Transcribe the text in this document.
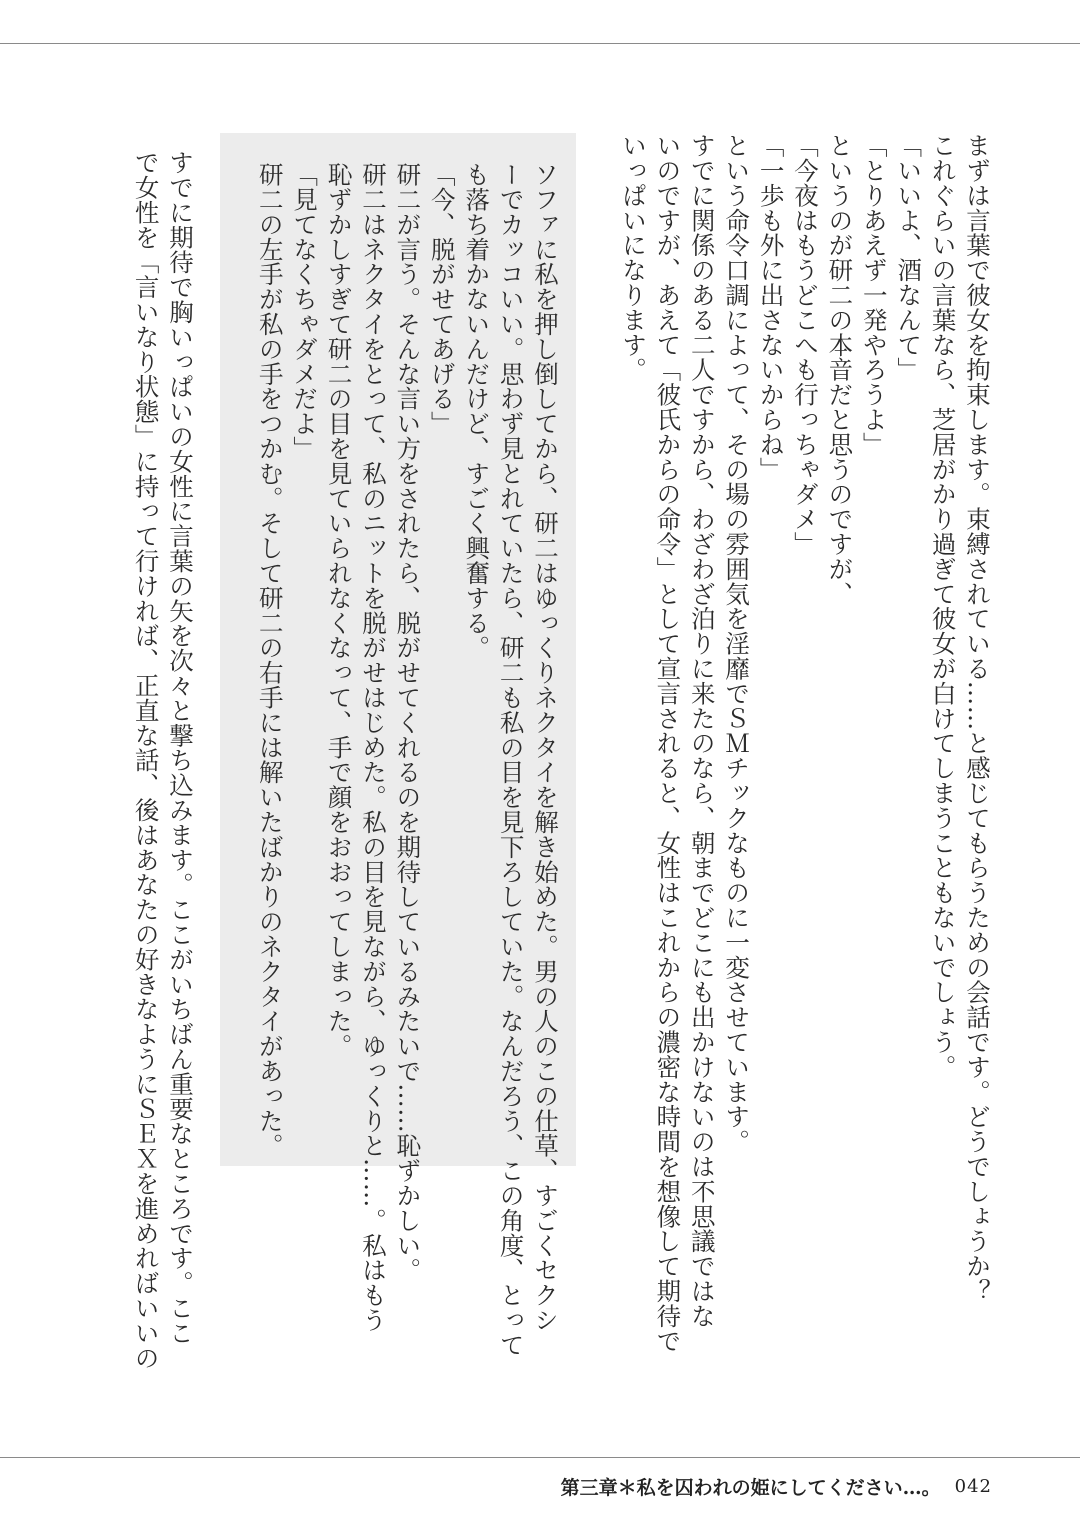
まずは言葉で彼女を拘束します。束縛されている……と感じてもらうための会話です。どうでしょうか？
これぐらいの言葉なら、芝居がかり過ぎて彼女が白けてしまうこともないでしょう。
「いいよ、酒なんて」
「とりあえず一発やろうよ」
というのが研二の本音だと思うのですが、
「今夜はもうどこへも行っちゃダメ」
「一歩も外に出さないからね」
という命令口調によって、その場の雰囲気を淫靡でＳＭチックなものに一変させています。
すでに関係のある二人ですから、わざわざ泊りに来たのなら、朝までどこにも出かけないのは不思議ではな
いのですが、あえて「彼氏からの命令」として宣言されると、女性はこれからの濃密な時間を想像して期待で
いっぱいになります。
ソファに私を押し倒してから、研二はゆっくりネクタイを解き始めた。男の人のこの仕草、すごくセクシ
ーでカッコいい。思わず見とれていたら、研二も私の目を見下ろしていた。なんだろう、この角度、とって
も落ち着かないんだけど、すごく興奮する。
「今、脱がせてあげる」
研二が言う。そんな言い方をされたら、脱がせてくれるのを期待しているみたいで……恥ずかしい。
研二はネクタイをとって、私のニットを脱がせはじめた。私の目を見ながら、ゆっくりと……。私はもう
恥ずかしすぎて研二の目を見ていられなくなって、手で顔をおおってしまった。
「見てなくちゃダメだよ」
研二の左手が私の手をつかむ。そして研二の右手には解いたばかりのネクタイがあった。
すでに期待で胸いっぱいの女性に言葉の矢を次々と撃ち込みます。ここがいちばん重要なところです。ここ
で女性を「言いなり状態」に持って行ければ、正直な話、後はあなたの好きなようにＳＥＸを進めればいいの
第三章＊私を囚われの姫にしてください…。 042
